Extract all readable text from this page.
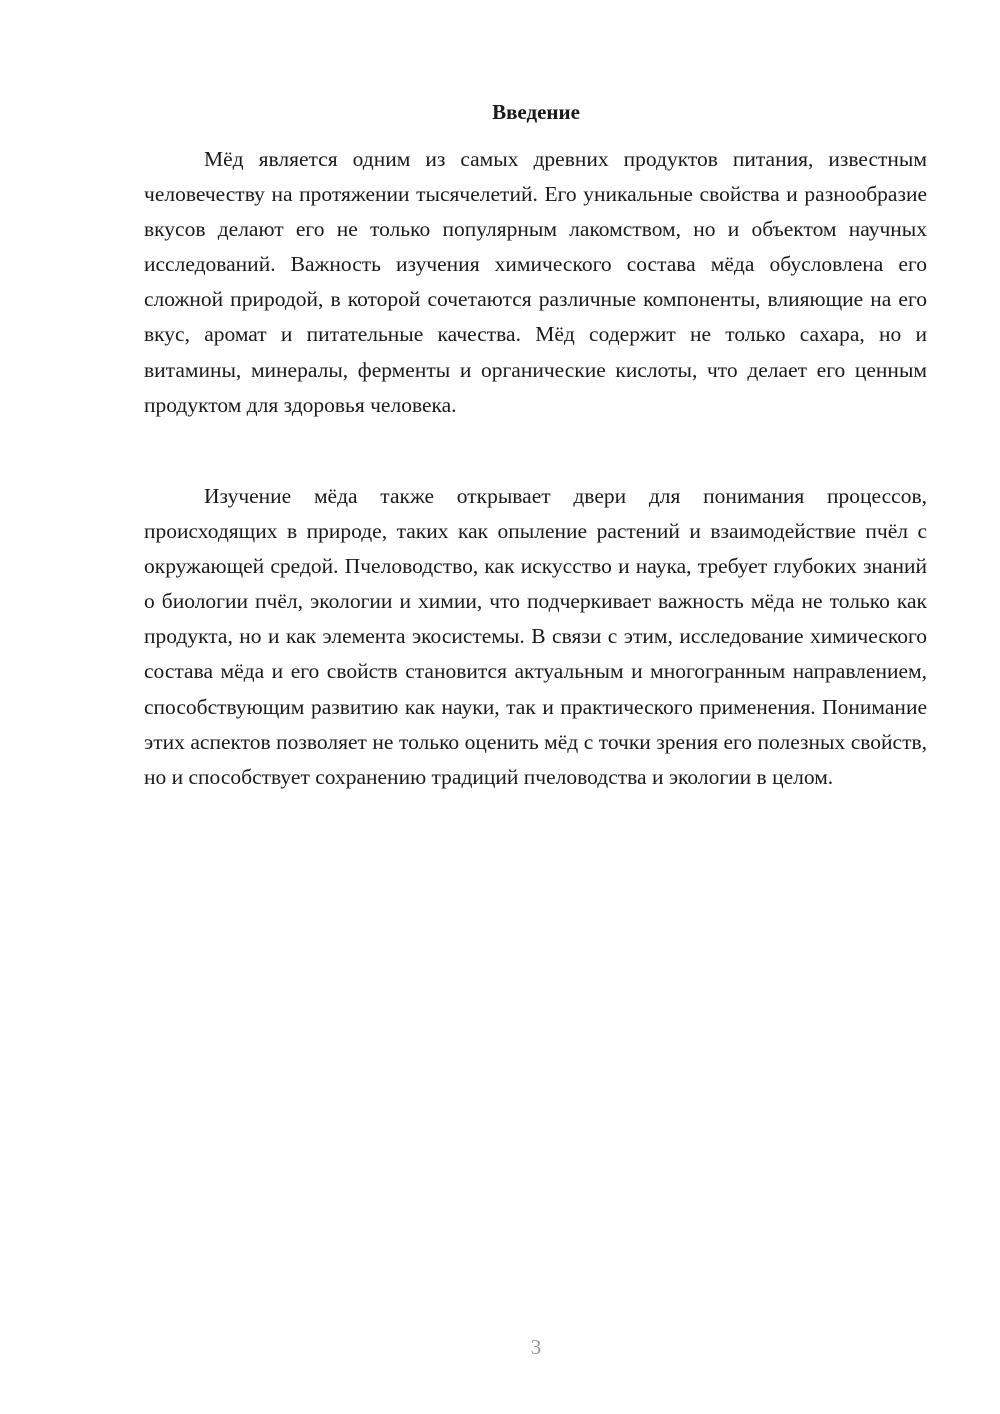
Введение

Мёд является одним из самых древних продуктов питания, известным человечеству на протяжении тысячелетий. Его уникальные свойства и разнообразие вкусов делают его не только популярным лакомством, но и объектом научных исследований. Важность изучения химического состава мёда обусловлена его сложной природой, в которой сочетаются различные компоненты, влияющие на его вкус, аромат и питательные качества. Мёд содержит не только сахара, но и витамины, минералы, ферменты и органические кислоты, что делает его ценным продуктом для здоровья человека.

Изучение мёда также открывает двери для понимания процессов, происходящих в природе, таких как опыление растений и взаимодействие пчёл с окружающей средой. Пчеловодство, как искусство и наука, требует глубоких знаний о биологии пчёл, экологии и химии, что подчеркивает важность мёда не только как продукта, но и как элемента экосистемы. В связи с этим, исследование химического состава мёда и его свойств становится актуальным и многогранным направлением, способствующим развитию как науки, так и практического применения. Понимание этих аспектов позволяет не только оценить мёд с точки зрения его полезных свойств, но и способствует сохранению традиций пчеловодства и экологии в целом.

3
